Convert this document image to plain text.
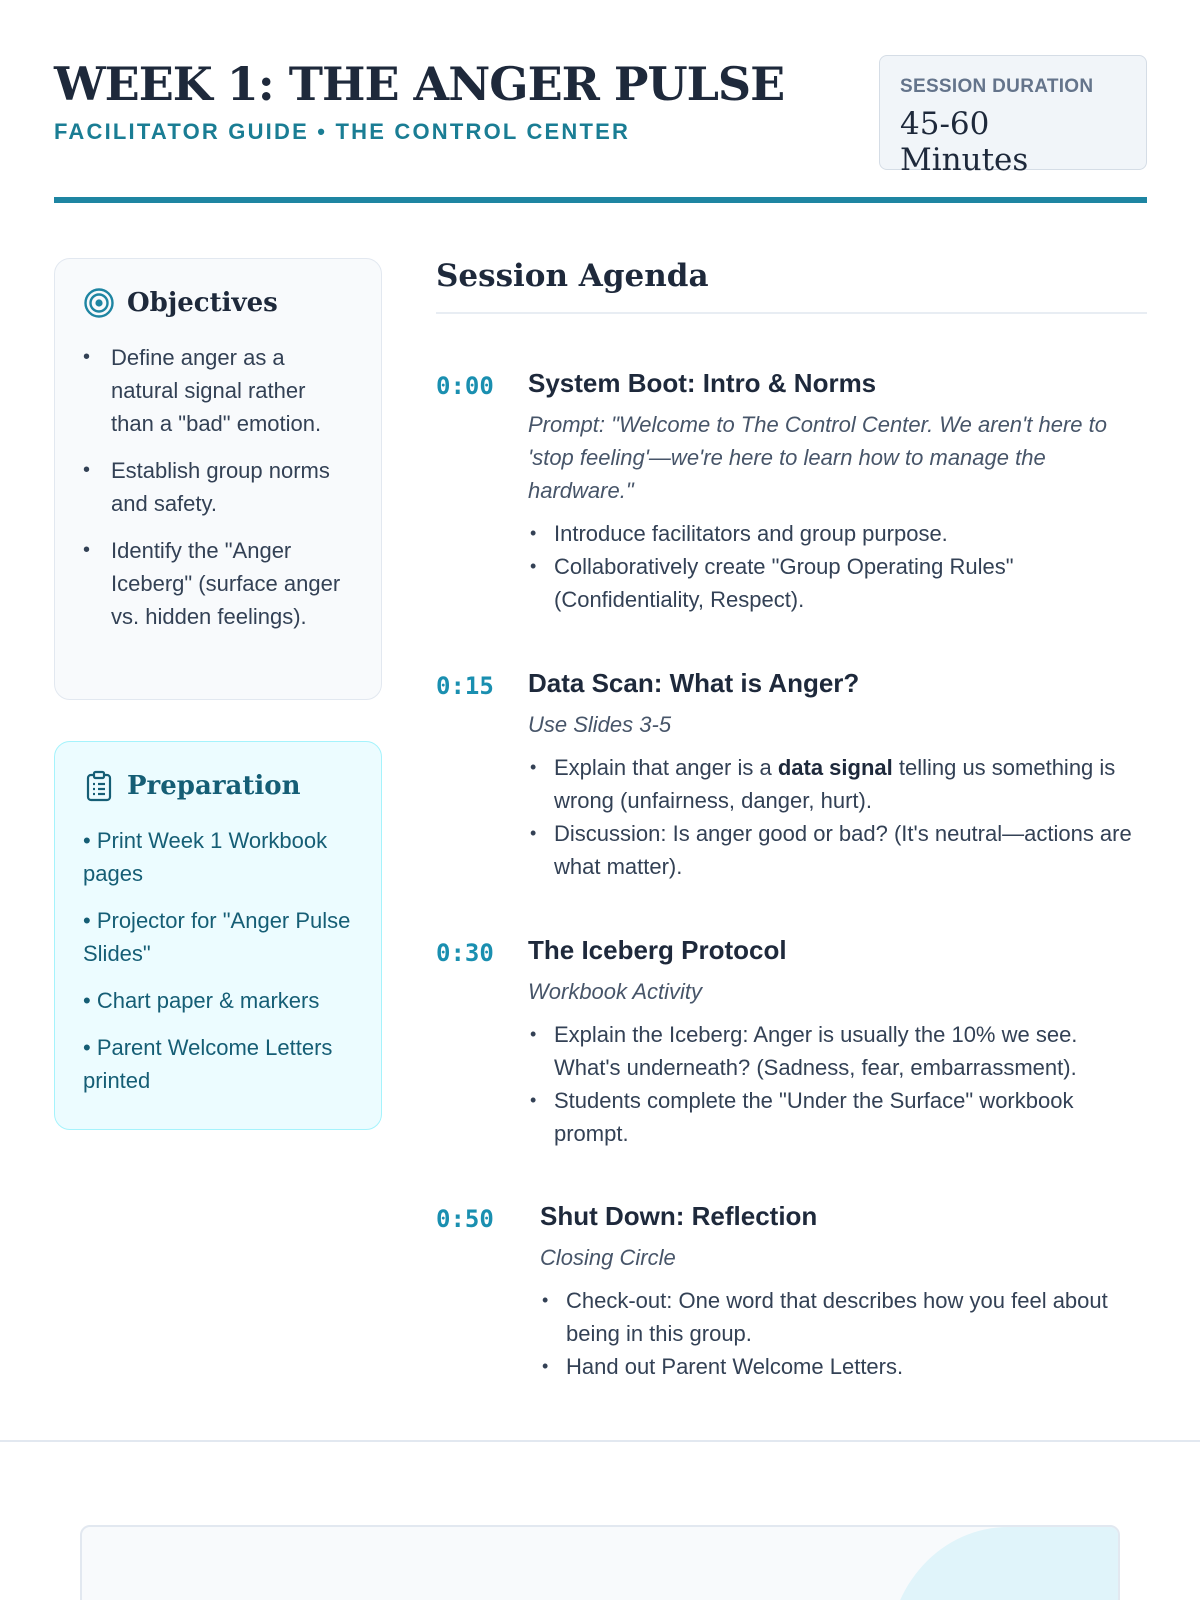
WEEK 1: THE ANGER PULSE
FACILITATOR GUIDE • THE CONTROL CENTER
SESSION DURATION
45-60 Minutes
Objectives
• Define anger as a natural signal rather than a "bad" emotion.
• Establish group norms and safety.
• Identify the "Anger Iceberg" (surface anger vs. hidden feelings).
Preparation
• Print Week 1 Workbook pages
• Projector for "Anger Pulse Slides"
• Chart paper & markers
• Parent Welcome Letters printed
Session Agenda
0:00	System Boot: Intro & Norms
Prompt: "Welcome to The Control Center. We aren't here to 'stop feeling'—we're here to learn how to manage the hardware."
• Introduce facilitators and group purpose.
• Collaboratively create "Group Operating Rules" (Confidentiality, Respect).
0:15	Data Scan: What is Anger?
Use Slides 3-5
• Explain that anger is a data signal telling us something is wrong (unfairness, danger, hurt).
• Discussion: Is anger good or bad? (It's neutral—actions are what matter).
0:30	The Iceberg Protocol
Workbook Activity
• Explain the Iceberg: Anger is usually the 10% we see. What's underneath? (Sadness, fear, embarrassment).
• Students complete the "Under the Surface" workbook prompt.
0:50	Shut Down: Reflection
Closing Circle
• Check-out: One word that describes how you feel about being in this group.
• Hand out Parent Welcome Letters.
